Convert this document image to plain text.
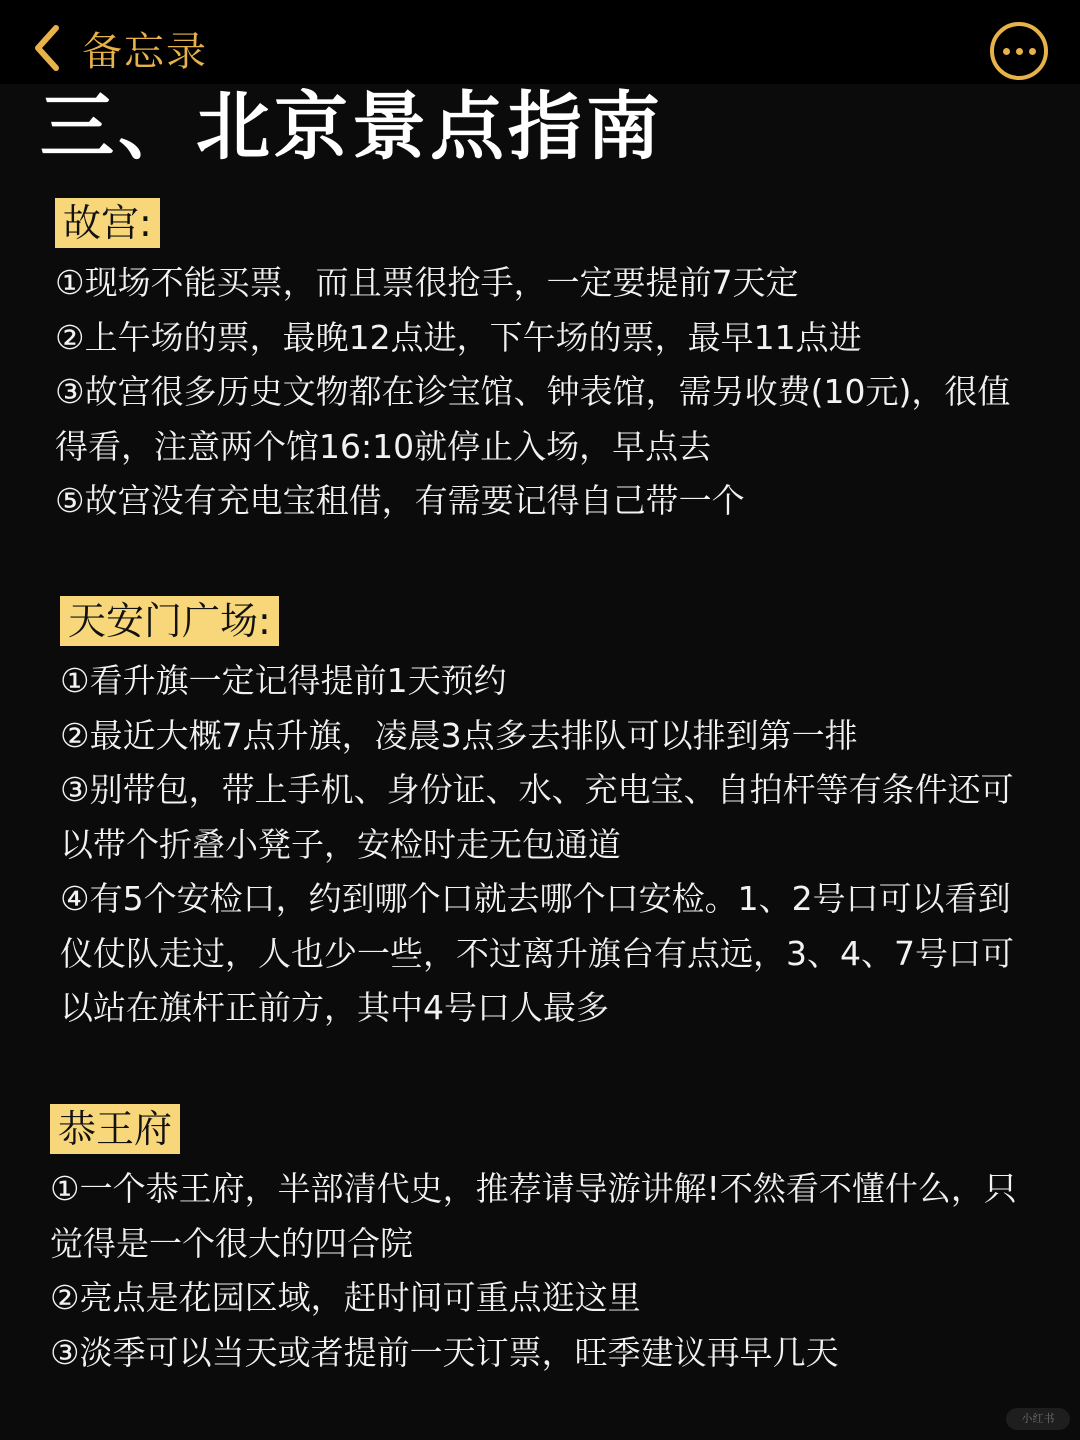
备忘录
三、北京景点指南
故宫:
①现场不能买票，而且票很抢手，一定要提前7天定
②上午场的票，最晚12点进，下午场的票，最早11点进
③故宫很多历史文物都在诊宝馆、钟表馆，需另收费(10元)，很值得看，注意两个馆16:10就停止入场，早点去
⑤故宫没有充电宝租借，有需要记得自己带一个
天安门广场:
①看升旗一定记得提前1天预约
②最近大概7点升旗，凌晨3点多去排队可以排到第一排
③别带包，带上手机、身份证、水、充电宝、自拍杆等有条件还可以带个折叠小凳子，安检时走无包通道
④有5个安检口，约到哪个口就去哪个口安检。1、2号口可以看到仪仗队走过，人也少一些，不过离升旗台有点远，3、4、7号口可以站在旗杆正前方，其中4号口人最多
恭王府
①一个恭王府，半部清代史，推荐请导游讲解!不然看不懂什么，只觉得是一个很大的四合院
②亮点是花园区域，赶时间可重点逛这里
③淡季可以当天或者提前一天订票，旺季建议再早几天
小红书
